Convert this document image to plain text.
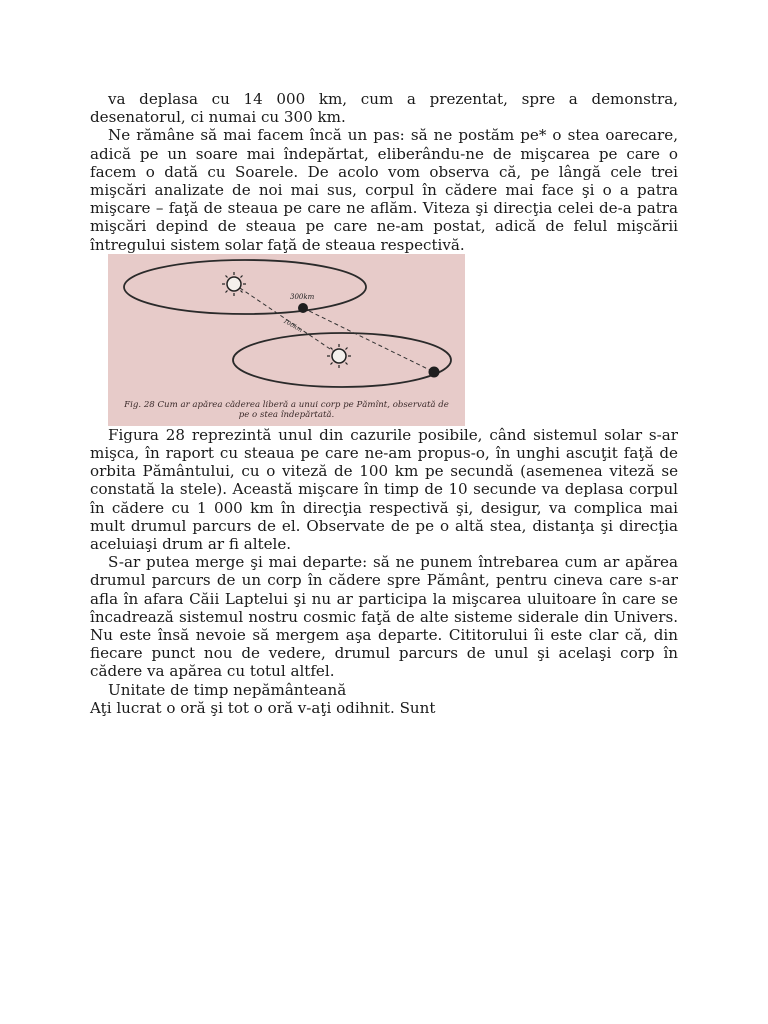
va deplasa cu 14 000 km, cum a prezentat, spre a demonstra, desenatorul, ci numai cu 300 km.

Ne rămâne să mai facem încă un pas: să ne postăm pe* o stea oarecare, adică pe un soare mai îndepărtat, eliberându-ne de mişcarea pe care o facem o dată cu Soarele. De acolo vom observa că, pe lângă cele trei mişcări analizate de noi mai sus, corpul în cădere mai face şi o a patra mişcare – faţă de steaua pe care ne aflăm. Viteza şi direcţia celei de-a patra mişcări depind de steaua pe care ne-am postat, adică de felul mişcării întregului sistem solar faţă de steaua respectivă.

300km
100km
Fig. 28 Cum ar apărea căderea liberă a unui corp pe Pămînt, observată de
pe o stea îndepărtată.

Figura 28 reprezintă unul din cazurile posibile, când sistemul solar s-ar mişca, în raport cu steaua pe care ne-am propus-o, în unghi ascuţit faţă de orbita Pământului, cu o viteză de 100 km pe secundă (asemenea viteză se constată la stele). Această mişcare în timp de 10 secunde va deplasa corpul în cădere cu 1 000 km în direcţia respectivă şi, desigur, va complica mai mult drumul parcurs de el. Observate de pe o altă stea, distanţa şi direcţia aceluiaşi drum ar fi altele.

S-ar putea merge şi mai departe: să ne punem întrebarea cum ar apărea drumul parcurs de un corp în cădere spre Pământ, pentru cineva care s-ar afla în afara Căii Laptelui şi nu ar participa la mişcarea uluitoare în care se încadrează sistemul nostru cosmic faţă de alte sisteme siderale din Univers. Nu este însă nevoie să mergem aşa departe. Cititorului îi este clar că, din fiecare punct nou de vedere, drumul parcurs de unul şi acelaşi corp în cădere va apărea cu totul altfel.

Unitate de timp nepământeană

Aţi lucrat o oră şi tot o oră v-aţi odihnit. Sunt
